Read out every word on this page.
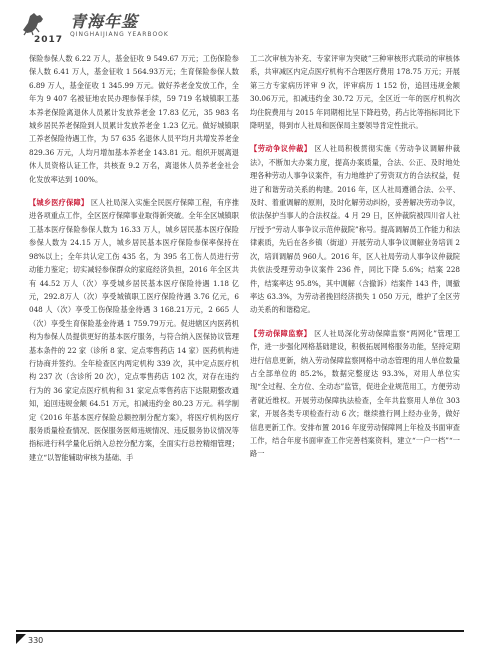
2017
青海年鉴
QINGHAIJIANG YEARBOOK

保险参保人数 6.22 万人，基金征收 9 549.67 万元；工伤保险参保人数 6.41 万人，基金征收 1 564.93万元；生育保险参保人数 6.89 万人，基金征收 1 345.99 万元。做好养老金发放工作，全年为 9 407 名被征地农民办理参保手续，59 719 名城镇职工基本养老保险离退休人员累计发放养老金 17.83 亿元，35 983 名城乡居民养老保险到人员累计发放养老金 1.23 亿元。做好城镇职工养老保险待遇工作，为 57 635 名退休人员平均月共增发养老金 829.36 万元，人均月增加基本养老金 143.81 元。组织开展离退休人员资格认证工作，共核查 9.2 万名，离退休人员养老金社会化发放率达到 100%。

【城乡医疗保障】 区人社局深入实施全民医疗保障工程，有序推进各项重点工作，全区医疗保障事业取得新突破。全年全区城镇职工基本医疗保险参保人数为 16.33 万人，城乡居民基本医疗保险参保人数为 24.15 万人，城乡居民基本医疗保险参保率保持在 98%以上；全年共认定工伤 435 名，为 395 名工伤人员进行劳动能力鉴定；切实减轻参保群众的家庭经济负担，2016 年全区共有 44.52 万人（次）享受城乡居民基本医疗保险待遇 1.18 亿元，292.8万人（次）享受城镇职工医疗保险待遇 3.76 亿元，6 048 人（次）享受工伤保险基金待遇 3 168.21万元，2 665 人（次）享受生育保险基金待遇 1 759.79万元。促进辖区内医药机构为参保人员提供更好的基本医疗服务，与符合纳入医保协议管理基本条件的 22 家（诊所 8 家、定点零售药店 14 家）医药机构进行协商并签约。全年检查区内两定机构 339 次，其中定点医疗机构 237 次（含诊所 20 次），定点零售药店 102 次，对存在违约行为的 36 家定点医疗机构和 31 家定点零售药店下达限期整改通知，追回违规金额 64.51 万元，扣减违约金 80.23 万元。科学制定《2016 年基本医疗保险总额控制分配方案》，将医疗机构医疗服务质量检查情况、医保服务医师违规情况、违反服务协议情况等指标进行科学量化后纳入总控分配方案，全面实行总控精细管理；建立“以智能辅助审核为基础、手

工二次审核为补充、专家评审为突破”三种审核形式联动的审核体系，共审减区内定点医疗机构不合理医疗费用 178.75 万元；开展第三方专家病历评审 9 次，评审病历 1 152 份，追回违规金额 30.06万元，扣减违约金 30.72 万元，全区近一年的医疗机构次均住院费用与 2015 年同期相比呈下降趋势，药占比等指标同比下降明显，得到市人社局和医保局主要领导肯定性批示。

【劳动争议仲裁】 区人社局积极贯彻实施《劳动争议调解仲裁法》，不断加大办案力度，提高办案质量，合法、公正、及时地处理各种劳动人事争议案件，有力地维护了劳资双方的合法权益，促进了和谐劳动关系的构建。2016 年，区人社局遵循合法、公平、及时、着重调解的原则，及时化解劳动纠纷，妥善解决劳动争议，依法保护当事人的合法权益。4 月 29 日，区仲裁院被四川省人社厅授予“劳动人事争议示范仲裁院”称号。提高调解员工作能力和法律素质，先后在各乡镇（街道）开展劳动人事争议调解业务培训 2 次，培训调解员 960人。2016 年，区人社局劳动人事争议仲裁院共依法受理劳动争议案件 236 件，同比下降 5.6%；结案 228 件，结案率达 95.8%，其中调解（含撤诉）结案件 143 件，调撤率达 63.3%，为劳动者挽回经济损失 1 050 万元，维护了全区劳动关系的和谐稳定。

【劳动保障监察】 区人社局深化劳动保障监察“两网化”管理工作，进一步强化网格基础建设，积极拓展网格服务功能，坚持定期进行信息更新，纳入劳动保障监察网格中动态管理的用人单位数量占全部单位的 85.2%，数据完整度达 93.3%，对用人单位实现“全过程、全方位、全动态”监管，促进企业规范用工，方便劳动者就近维权。开展劳动保障执法检查，全年共监察用人单位 303 家，开展各类专项检查行动 6 次；继续推行网上经办业务，做好信息更新工作。安排布置 2016 年度劳动保障网上年检及书面审查工作，结合年度书面审查工作完善档案资料，建立“一户一档”“一路一

330
